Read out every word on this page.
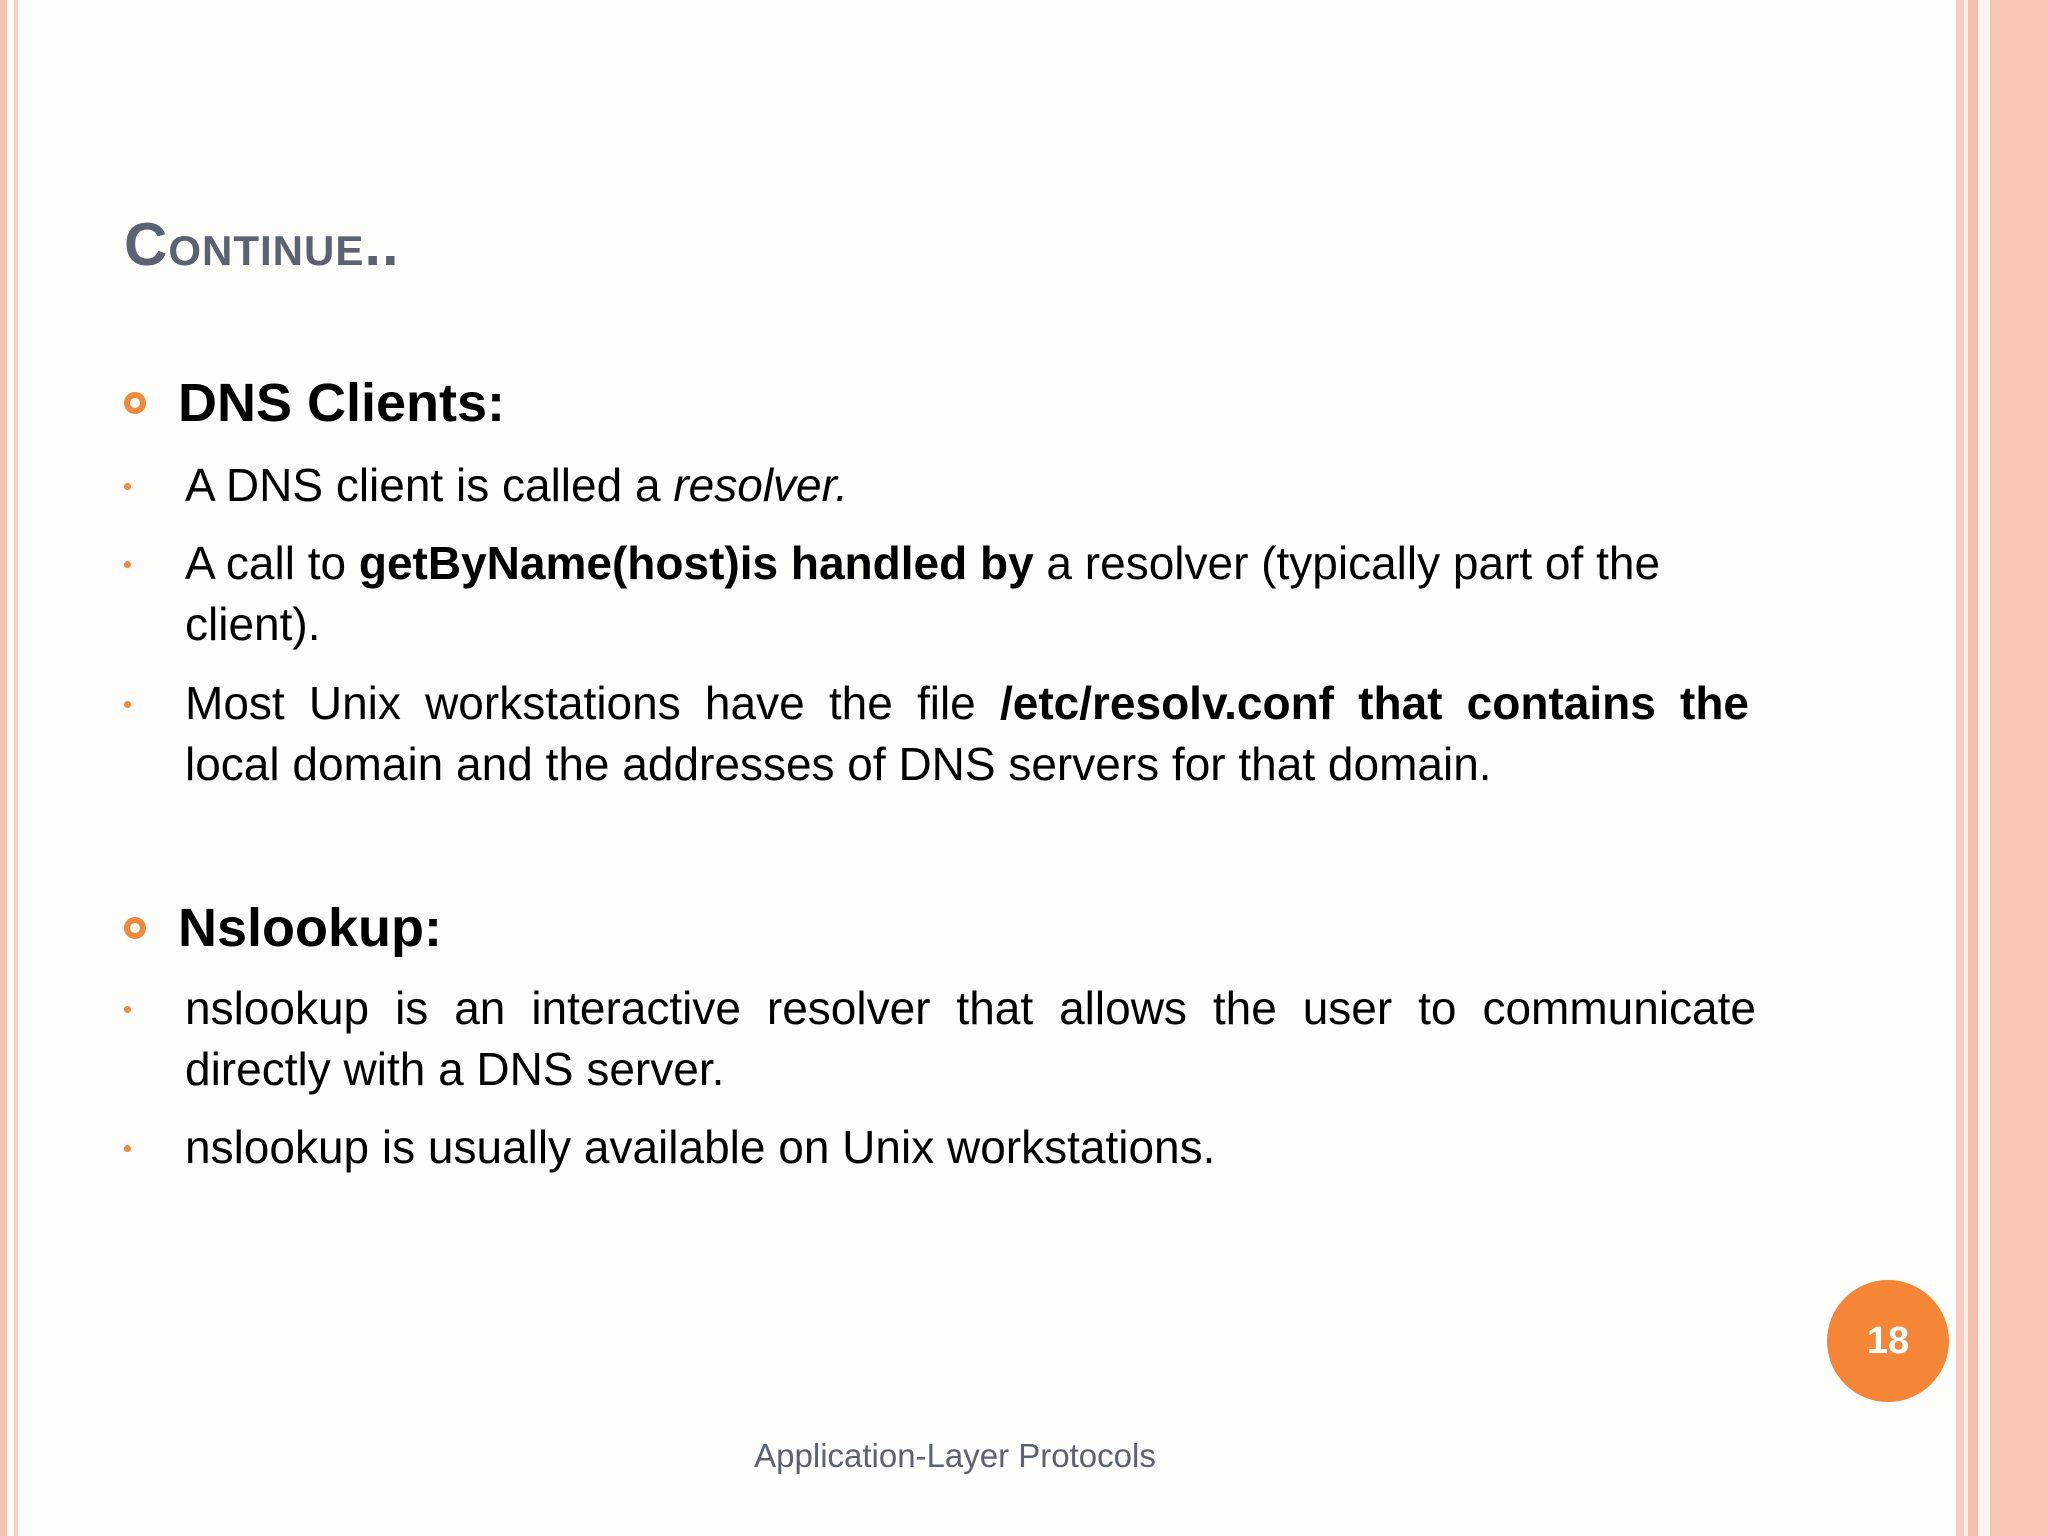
Continue..
DNS Clients:
A DNS client is called a resolver.
A call to getByName(host)is handled by a resolver (typically part of the client).
Most Unix workstations have the file /etc/resolv.conf that contains the local domain and the addresses of DNS servers for that domain.
Nslookup:
nslookup is an interactive resolver that allows the user to communicate directly with a DNS server.
nslookup is usually available on Unix workstations.
18
Application-Layer Protocols
